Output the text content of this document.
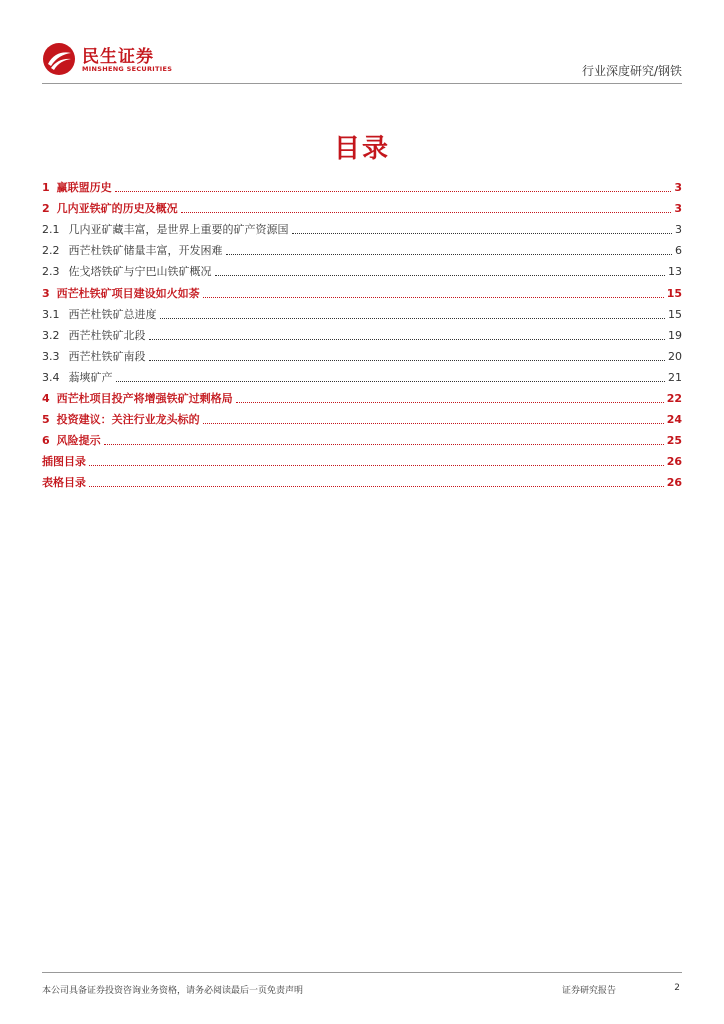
民生证券
MINSHENG SECURITIES	行业深度研究/钢铁
目录
1 赢联盟历史	3
2 几内亚铁矿的历史及概况	3
2.1 几内亚矿藏丰富，是世界上重要的矿产资源国	3
2.2 西芒杜铁矿储量丰富，开发困难	6
2.3 佐戈塔铁矿与宁巴山铁矿概况	13
3 西芒杜铁矿项目建设如火如荼	15
3.1 西芒杜铁矿总进度	15
3.2 西芒杜铁矿北段	19
3.3 西芒杜铁矿南段	20
3.4 蓊塽矿产	21
4 西芒杜项目投产将增强铁矿过剩格局	22
5 投资建议：关注行业龙头标的	24
6 风险提示	25
插图目录	26
表格目录	26
本公司具备证券投资咨询业务资格，请务必阅读最后一页免责声明	证券研究报告	2
